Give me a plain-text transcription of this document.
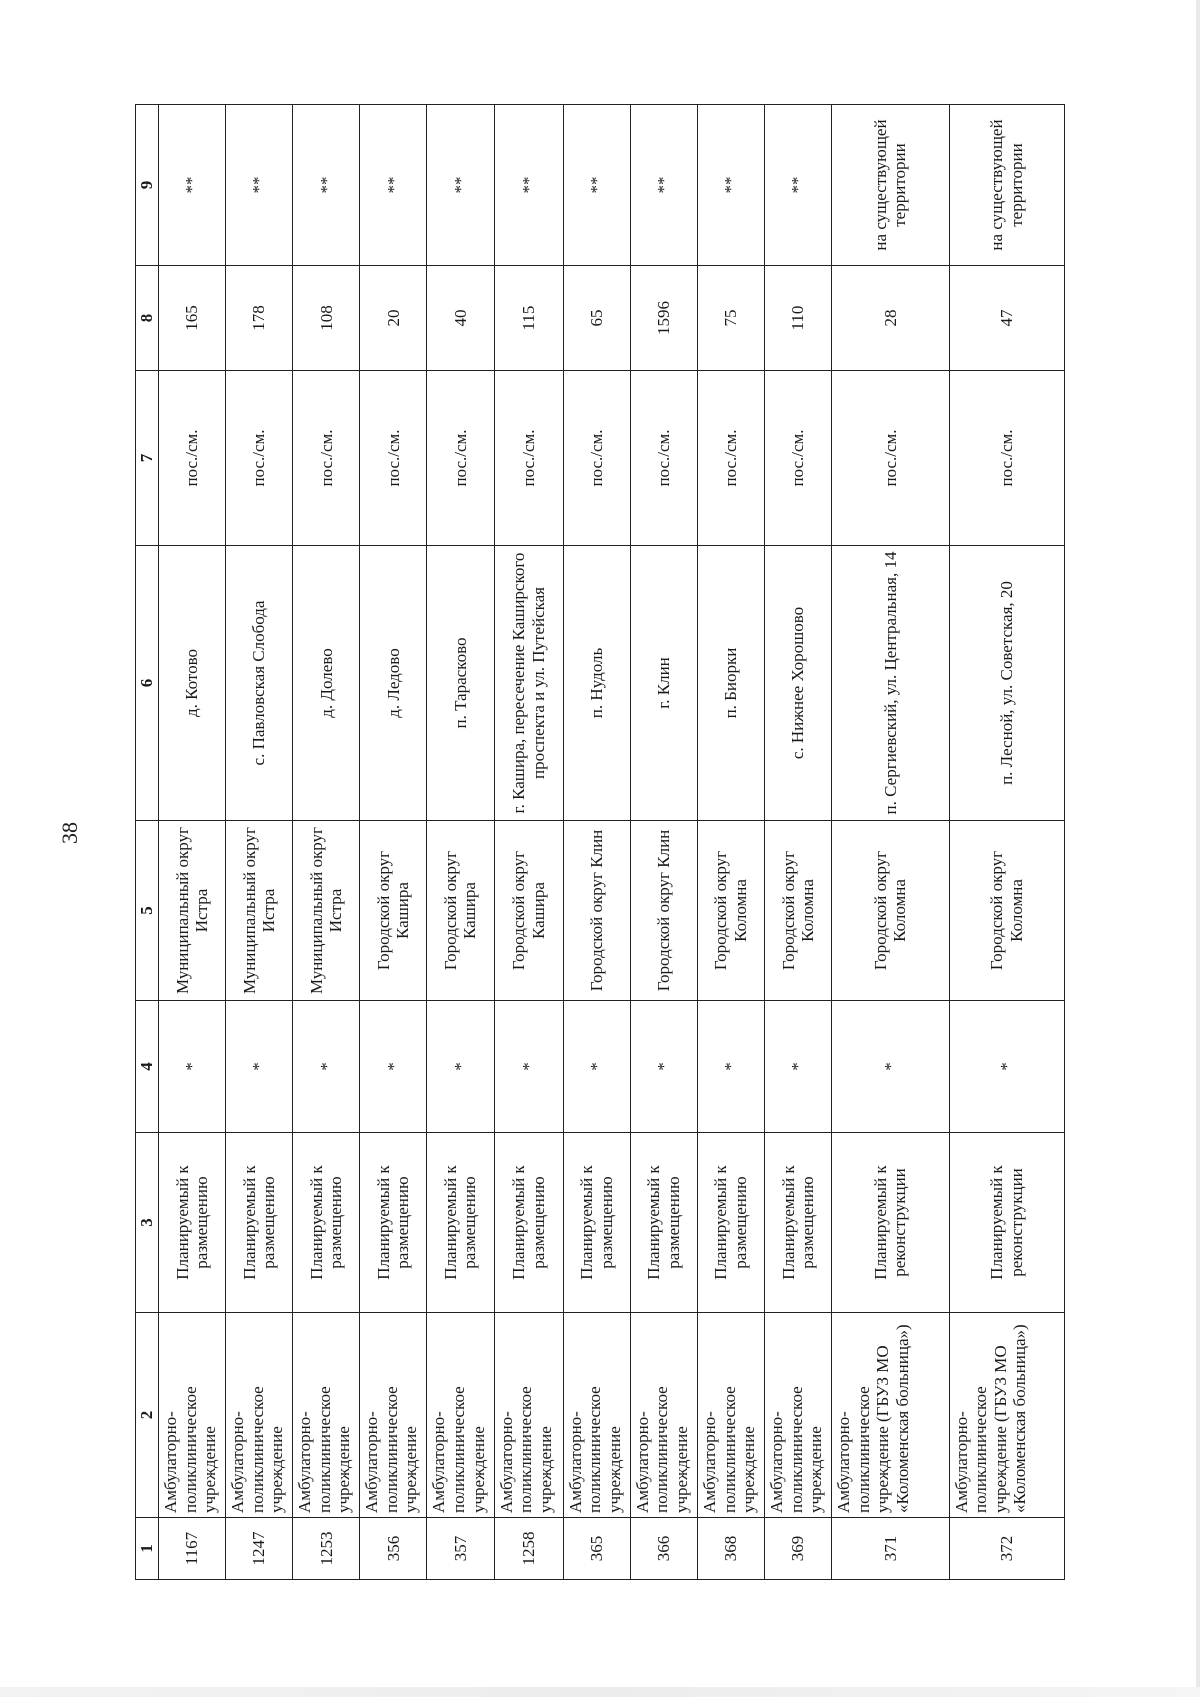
38
1	2	3	4	5	6	7	8	9
1167	Амбулаторно-поликлиническое учреждение	Планируемый к размещению	*	Муниципальный округ Истра	д. Котово	пос./см.	165	**
1247	Амбулаторно-поликлиническое учреждение	Планируемый к размещению	*	Муниципальный округ Истра	с. Павловская Слобода	пос./см.	178	**
1253	Амбулаторно-поликлиническое учреждение	Планируемый к размещению	*	Муниципальный округ Истра	д. Долево	пос./см.	108	**
356	Амбулаторно-поликлиническое учреждение	Планируемый к размещению	*	Городской округ Кашира	д. Ледово	пос./см.	20	**
357	Амбулаторно-поликлиническое учреждение	Планируемый к размещению	*	Городской округ Кашира	п. Тарасково	пос./см.	40	**
1258	Амбулаторно-поликлиническое учреждение	Планируемый к размещению	*	Городской округ Кашира	г. Кашира, пересечение Каширского проспекта и ул. Путейская	пос./см.	115	**
365	Амбулаторно-поликлиническое учреждение	Планируемый к размещению	*	Городской округ Клин	п. Нудоль	пос./см.	65	**
366	Амбулаторно-поликлиническое учреждение	Планируемый к размещению	*	Городской округ Клин	г. Клин	пос./см.	1596	**
368	Амбулаторно-поликлиническое учреждение	Планируемый к размещению	*	Городской округ Коломна	п. Биорки	пос./см.	75	**
369	Амбулаторно-поликлиническое учреждение	Планируемый к размещению	*	Городской округ Коломна	с. Нижнее Хорошово	пос./см.	110	**
371	Амбулаторно-поликлиническое учреждение (ГБУЗ МО «Коломенская больница»)	Планируемый к реконструкции	*	Городской округ Коломна	п. Сергиевский, ул. Центральная, 14	пос./см.	28	на существующей территории
372	Амбулаторно-поликлиническое учреждение (ГБУЗ МО «Коломенская больница»)	Планируемый к реконструкции	*	Городской округ Коломна	п. Лесной, ул. Советская, 20	пос./см.	47	на существующей территории
